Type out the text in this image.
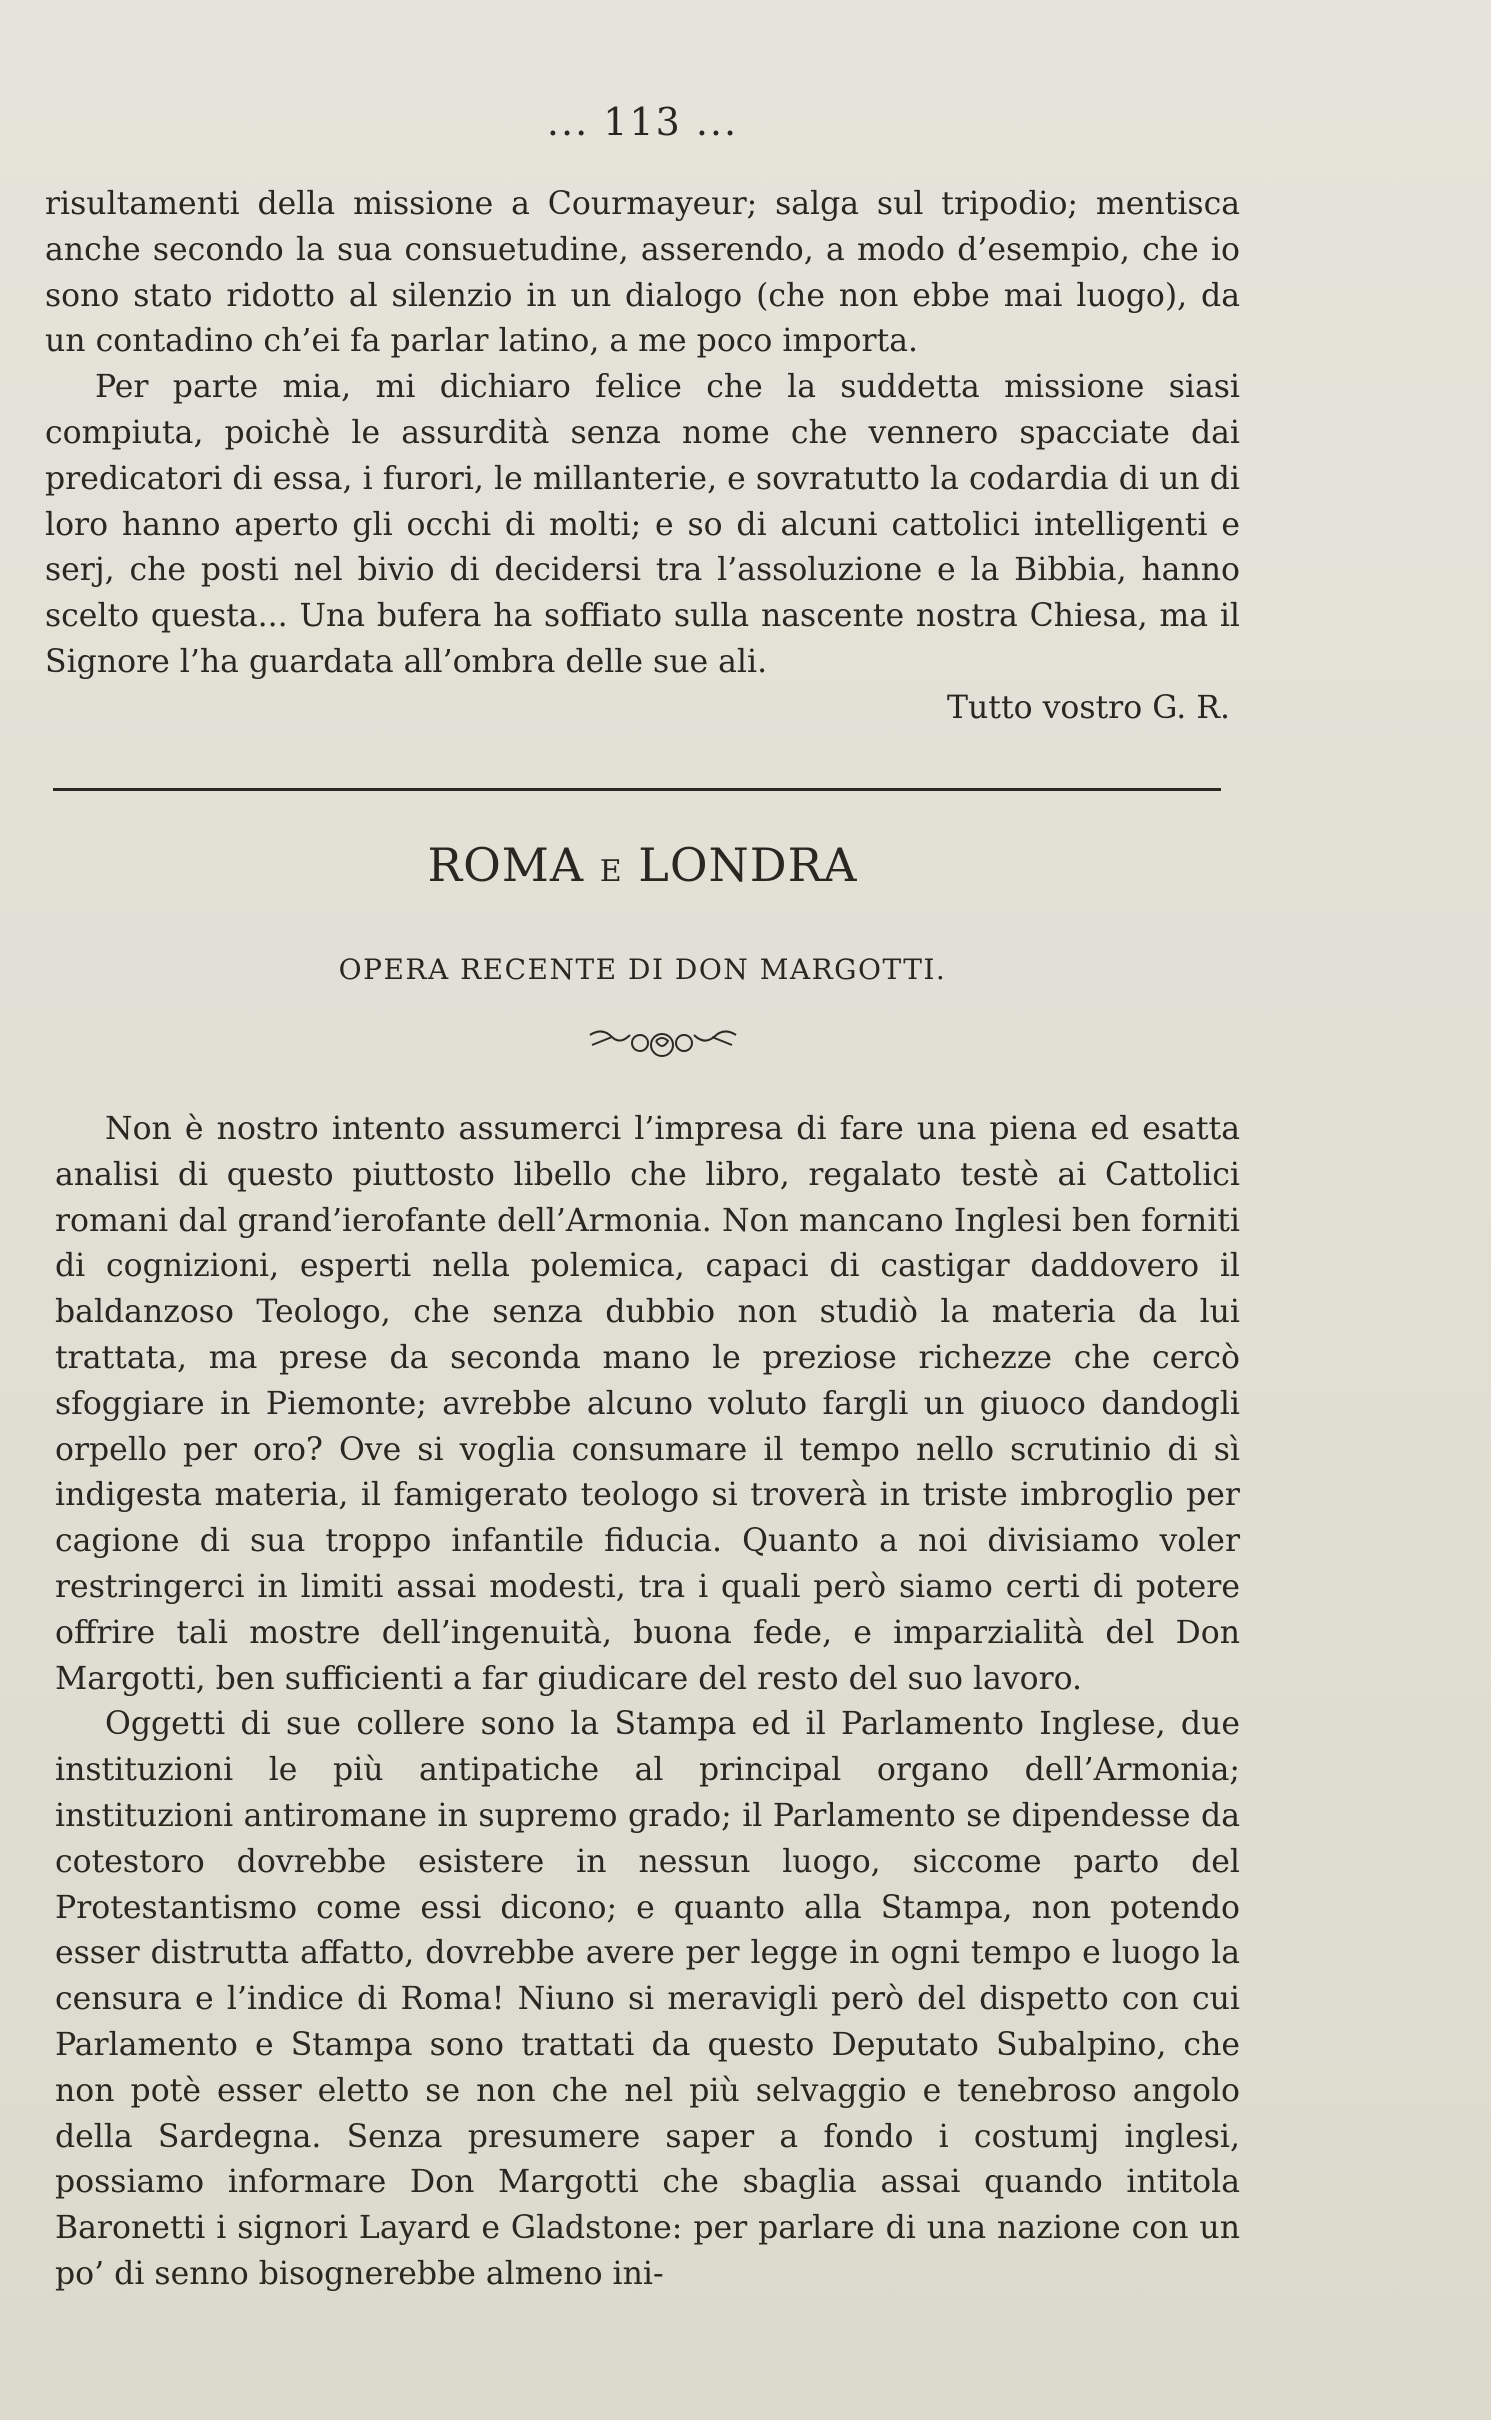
... 113 ...

risultamenti della missione a Courmayeur; salga sul tripodio; mentisca anche secondo la sua consuetudine, asserendo, a modo d’esempio, che io sono stato ridotto al silenzio in un dialogo (che non ebbe mai luogo), da un contadino ch’ei fa parlar latino, a me poco importa.

Per parte mia, mi dichiaro felice che la suddetta missione siasi compiuta, poichè le assurdità senza nome che vennero spacciate dai predicatori di essa, i furori, le millanterie, e sovratutto la codardia di un di loro hanno aperto gli occhi di molti; e so di alcuni cattolici intelligenti e serj, che posti nel bivio di decidersi tra l’assoluzione e la Bibbia, hanno scelto questa... Una bufera ha soffiato sulla nascente nostra Chiesa, ma il Signore l’ha guardata all’ombra delle sue ali.

Tutto vostro G. R.
ROMA E LONDRA
OPERA RECENTE DI DON MARGOTTI.

Non è nostro intento assumerci l’impresa di fare una piena ed esatta analisi di questo piuttosto libello che libro, regalato testè ai Cattolici romani dal grand’ierofante dell’Armonia. Non mancano Inglesi ben forniti di cognizioni, esperti nella polemica, capaci di castigar daddovero il baldanzoso Teologo, che senza dubbio non studiò la materia da lui trattata, ma prese da seconda mano le preziose richezze che cercò sfoggiare in Piemonte; avrebbe alcuno voluto fargli un giuoco dandogli orpello per oro? Ove si voglia consumare il tempo nello scrutinio di sì indigesta materia, il famigerato teologo si troverà in triste imbroglio per cagione di sua troppo infantile fiducia. Quanto a noi divisiamo voler restringerci in limiti assai modesti, tra i quali però siamo certi di potere offrire tali mostre dell’ingenuità, buona fede, e imparzialità del Don Margotti, ben sufficienti a far giudicare del resto del suo lavoro.

Oggetti di sue collere sono la Stampa ed il Parlamento Inglese, due instituzioni le più antipatiche al principal organo dell’Armonia; instituzioni antiromane in supremo grado; il Parlamento se dipendesse da cotestoro dovrebbe esistere in nessun luogo, siccome parto del Protestantismo come essi dicono; e quanto alla Stampa, non potendo esser distrutta affatto, dovrebbe avere per legge in ogni tempo e luogo la censura e l’indice di Roma! Niuno si meravigli però del dispetto con cui Parlamento e Stampa sono trattati da questo Deputato Subalpino, che non potè esser eletto se non che nel più selvaggio e tenebroso angolo della Sardegna. Senza presumere saper a fondo i costumj inglesi, possiamo informare Don Margotti che sbaglia assai quando intitola Baronetti i signori Layard e Gladstone: per parlare di una nazione con un po’ di senno bisognerebbe almeno ini-
